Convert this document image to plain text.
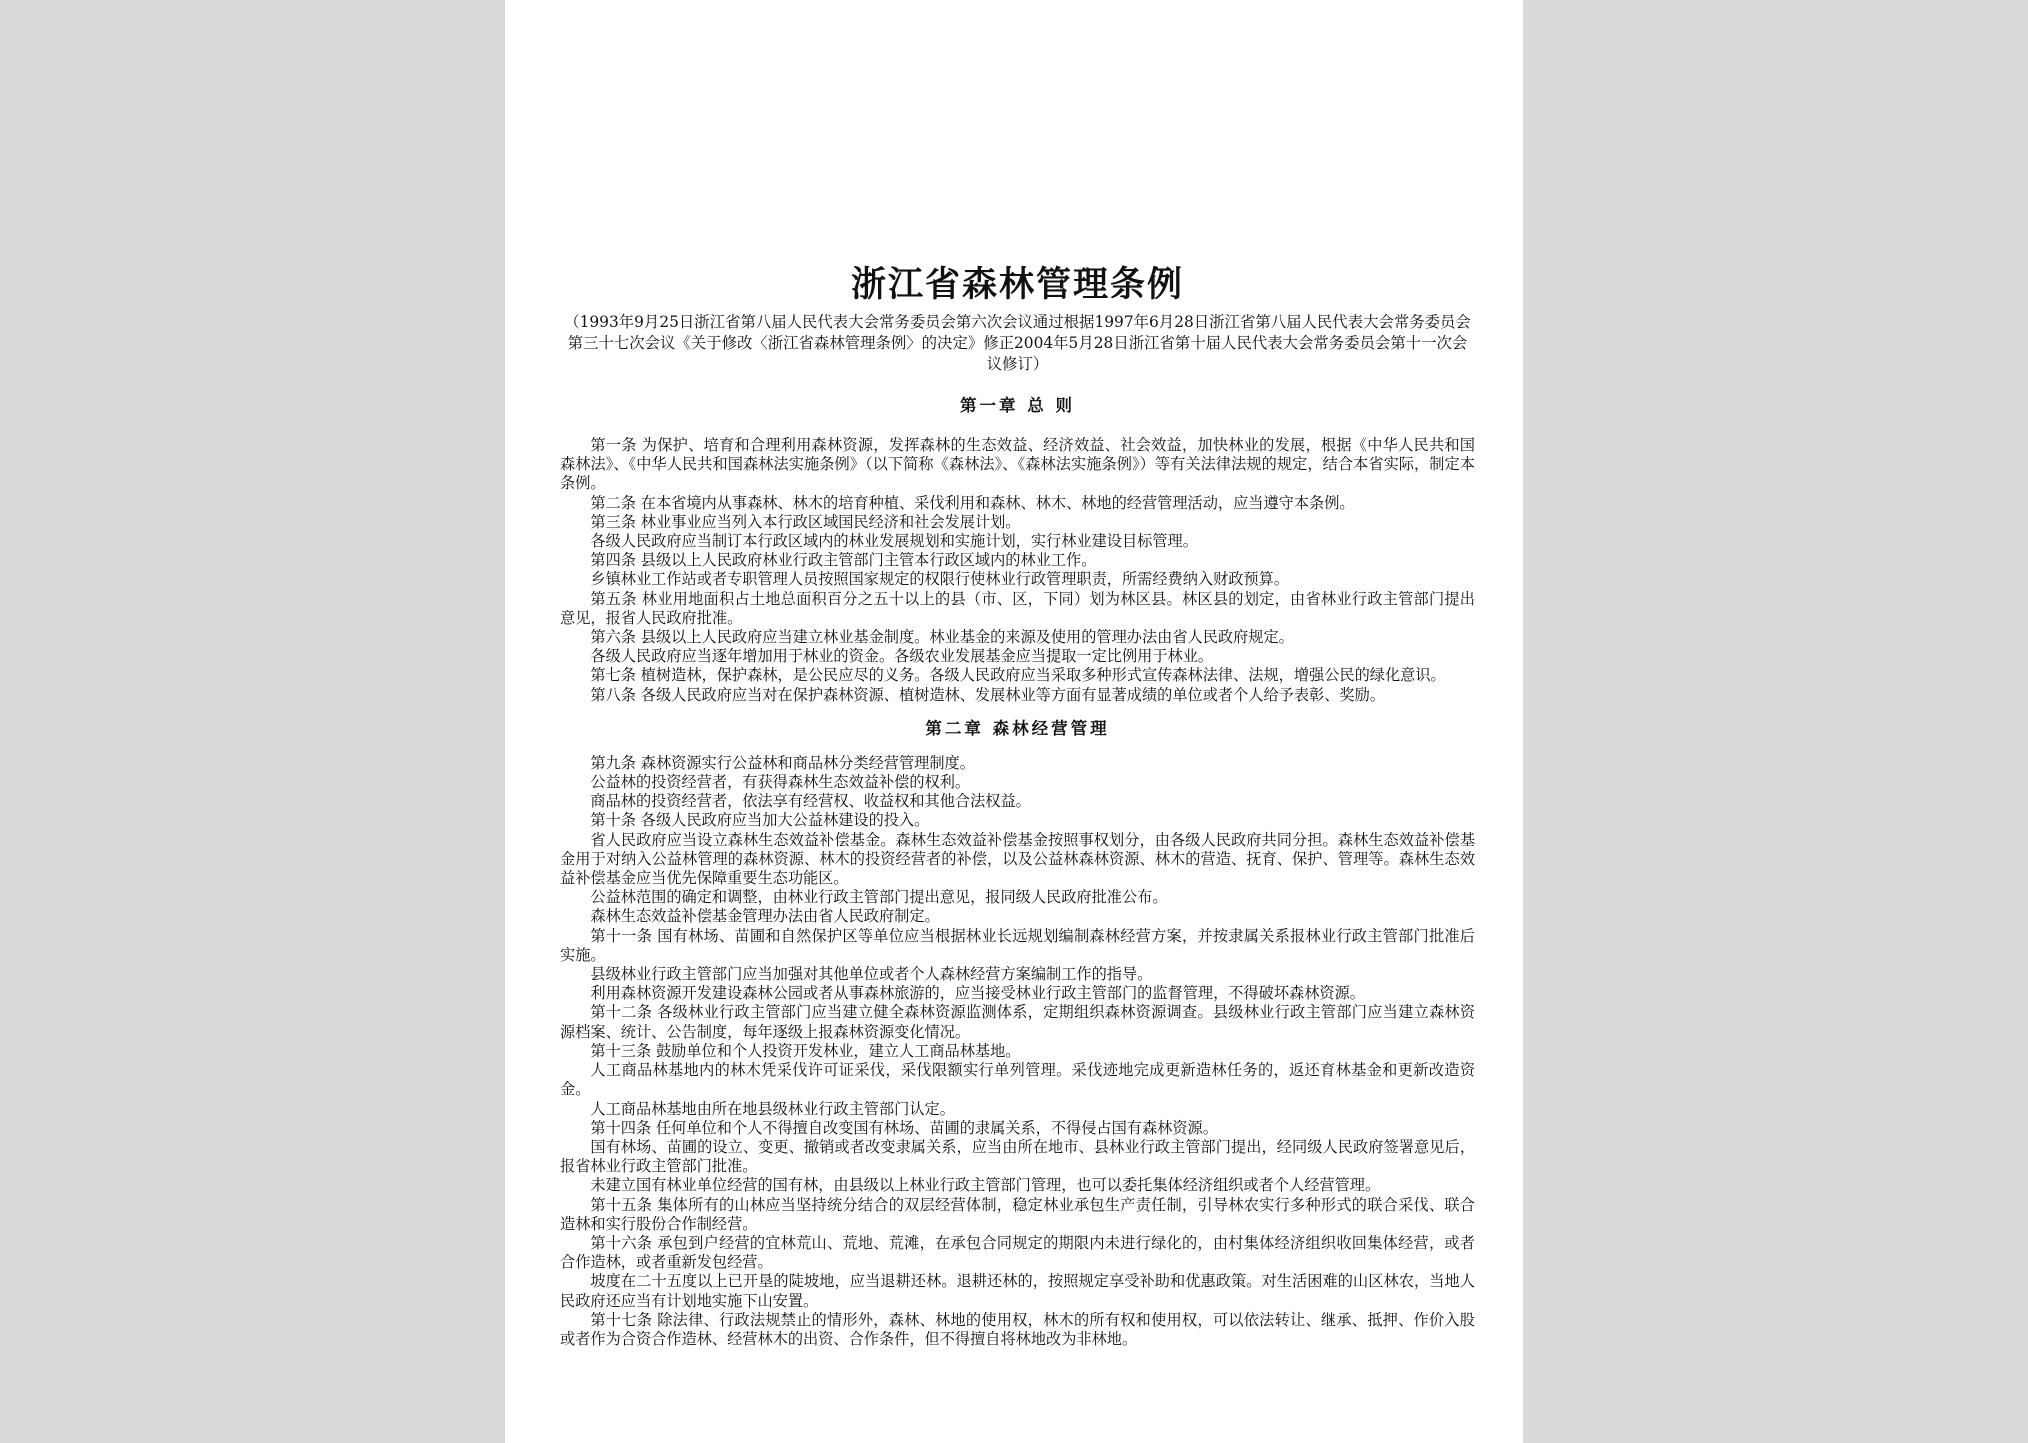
浙江省森林管理条例

（1993年9月25日浙江省第八届人民代表大会常务委员会第六次会议通过根据1997年6月28日浙江省第八届人民代表大会常务委员会第三十七次会议《关于修改〈浙江省森林管理条例〉的决定》修正2004年5月28日浙江省第十届人民代表大会常务委员会第十一次会议修订）

第一章 总 则

第一条 为保护、培育和合理利用森林资源，发挥森林的生态效益、经济效益、社会效益，加快林业的发展，根据《中华人民共和国森林法》、《中华人民共和国森林法实施条例》（以下简称《森林法》、《森林法实施条例》）等有关法律法规的规定，结合本省实际，制定本条例。

第二条 在本省境内从事森林、林木的培育种植、采伐利用和森林、林木、林地的经营管理活动，应当遵守本条例。

第三条 林业事业应当列入本行政区域国民经济和社会发展计划。

各级人民政府应当制订本行政区域内的林业发展规划和实施计划，实行林业建设目标管理。

第四条 县级以上人民政府林业行政主管部门主管本行政区域内的林业工作。

乡镇林业工作站或者专职管理人员按照国家规定的权限行使林业行政管理职责，所需经费纳入财政预算。

第五条 林业用地面积占土地总面积百分之五十以上的县（市、区，下同）划为林区县。林区县的划定，由省林业行政主管部门提出意见，报省人民政府批准。

第六条 县级以上人民政府应当建立林业基金制度。林业基金的来源及使用的管理办法由省人民政府规定。

各级人民政府应当逐年增加用于林业的资金。各级农业发展基金应当提取一定比例用于林业。

第七条 植树造林，保护森林，是公民应尽的义务。各级人民政府应当采取多种形式宣传森林法律、法规，增强公民的绿化意识。

第八条 各级人民政府应当对在保护森林资源、植树造林、发展林业等方面有显著成绩的单位或者个人给予表彰、奖励。

第二章 森林经营管理

第九条 森林资源实行公益林和商品林分类经营管理制度。

公益林的投资经营者，有获得森林生态效益补偿的权利。

商品林的投资经营者，依法享有经营权、收益权和其他合法权益。

第十条 各级人民政府应当加大公益林建设的投入。

省人民政府应当设立森林生态效益补偿基金。森林生态效益补偿基金按照事权划分，由各级人民政府共同分担。森林生态效益补偿基金用于对纳入公益林管理的森林资源、林木的投资经营者的补偿，以及公益林森林资源、林木的营造、抚育、保护、管理等。森林生态效益补偿基金应当优先保障重要生态功能区。

公益林范围的确定和调整，由林业行政主管部门提出意见，报同级人民政府批准公布。

森林生态效益补偿基金管理办法由省人民政府制定。

第十一条 国有林场、苗圃和自然保护区等单位应当根据林业长远规划编制森林经营方案，并按隶属关系报林业行政主管部门批准后实施。

县级林业行政主管部门应当加强对其他单位或者个人森林经营方案编制工作的指导。

利用森林资源开发建设森林公园或者从事森林旅游的，应当接受林业行政主管部门的监督管理，不得破坏森林资源。

第十二条 各级林业行政主管部门应当建立健全森林资源监测体系，定期组织森林资源调查。县级林业行政主管部门应当建立森林资源档案、统计、公告制度，每年逐级上报森林资源变化情况。

第十三条 鼓励单位和个人投资开发林业，建立人工商品林基地。

人工商品林基地内的林木凭采伐许可证采伐，采伐限额实行单列管理。采伐迹地完成更新造林任务的，返还育林基金和更新改造资金。

人工商品林基地由所在地县级林业行政主管部门认定。

第十四条 任何单位和个人不得擅自改变国有林场、苗圃的隶属关系，不得侵占国有森林资源。

国有林场、苗圃的设立、变更、撤销或者改变隶属关系，应当由所在地市、县林业行政主管部门提出，经同级人民政府签署意见后，报省林业行政主管部门批准。

未建立国有林业单位经营的国有林，由县级以上林业行政主管部门管理，也可以委托集体经济组织或者个人经营管理。

第十五条 集体所有的山林应当坚持统分结合的双层经营体制，稳定林业承包生产责任制，引导林农实行多种形式的联合采伐、联合造林和实行股份合作制经营。

第十六条 承包到户经营的宜林荒山、荒地、荒滩，在承包合同规定的期限内未进行绿化的，由村集体经济组织收回集体经营，或者合作造林，或者重新发包经营。

坡度在二十五度以上已开垦的陡坡地，应当退耕还林。退耕还林的，按照规定享受补助和优惠政策。对生活困难的山区林农，当地人民政府还应当有计划地实施下山安置。

第十七条 除法律、行政法规禁止的情形外，森林、林地的使用权，林木的所有权和使用权，可以依法转让、继承、抵押、作价入股或者作为合资合作造林、经营林木的出资、合作条件，但不得擅自将林地改为非林地。
